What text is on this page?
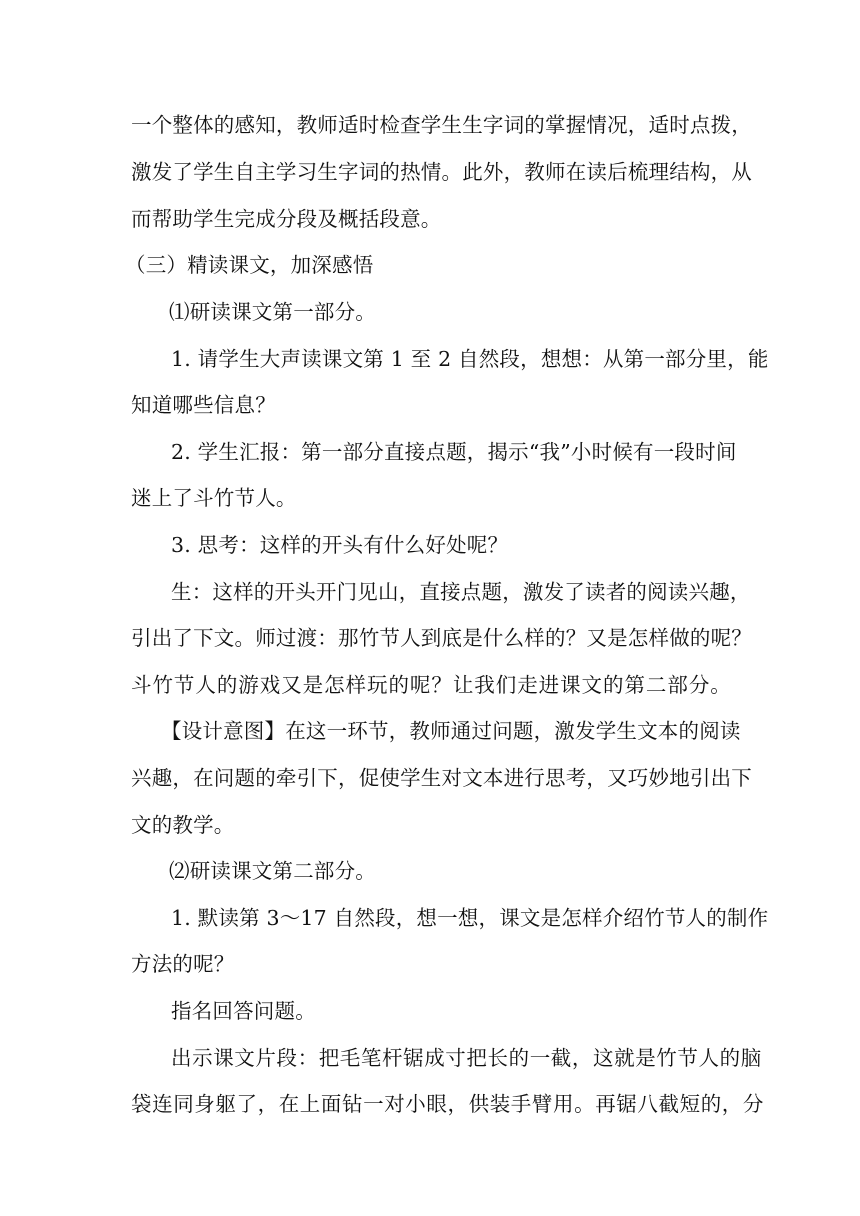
一个整体的感知，教师适时检查学生生字词的掌握情况，适时点拨，
激发了学生自主学习生字词的热情。此外，教师在读后梳理结构，从
而帮助学生完成分段及概括段意。
（三）精读课文，加深感悟
⑴研读课文第一部分。
1. 请学生大声读课文第 1 至 2 自然段，想想：从第一部分里，能
知道哪些信息？
2. 学生汇报：第一部分直接点题，揭示“我”小时候有一段时间
迷上了斗竹节人。
3. 思考：这样的开头有什么好处呢？
生：这样的开头开门见山，直接点题，激发了读者的阅读兴趣，
引出了下文。师过渡：那竹节人到底是什么样的？又是怎样做的呢？
斗竹节人的游戏又是怎样玩的呢？让我们走进课文的第二部分。
【设计意图】在这一环节，教师通过问题，激发学生文本的阅读
兴趣，在问题的牵引下，促使学生对文本进行思考，又巧妙地引出下
文的教学。
⑵研读课文第二部分。
1. 默读第 3～17 自然段，想一想，课文是怎样介绍竹节人的制作
方法的呢？
指名回答问题。
出示课文片段：把毛笔杆锯成寸把长的一截，这就是竹节人的脑
袋连同身躯了，在上面钻一对小眼，供装手臂用。再锯八截短的，分
